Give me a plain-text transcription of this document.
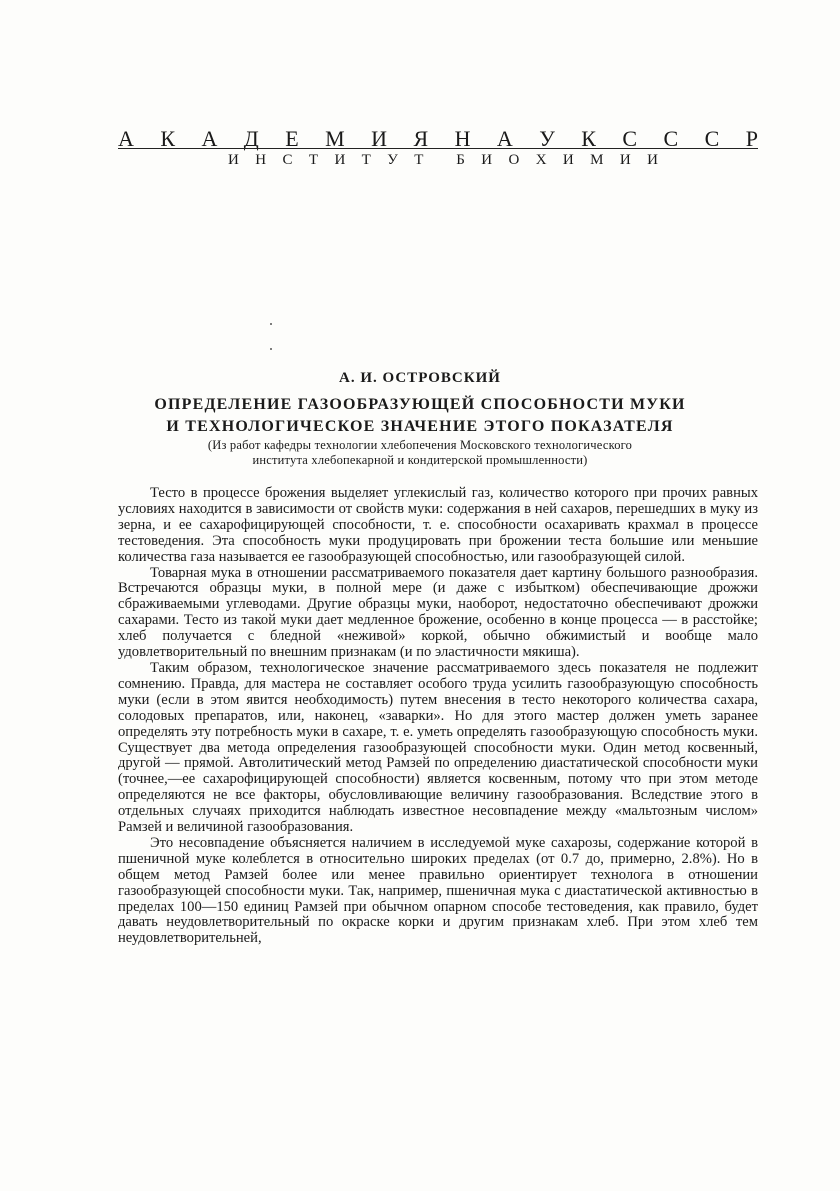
А К А Д Е М И Я Н А У К С С С Р
И Н С Т И Т У Т Б И О Х И М И И
А. И. ОСТРОВСКИЙ
ОПРЕДЕЛЕНИЕ ГАЗООБРАЗУЮЩЕЙ СПОСОБНОСТИ МУКИ
И ТЕХНОЛОГИЧЕСКОЕ ЗНАЧЕНИЕ ЭТОГО ПОКАЗАТЕЛЯ
(Из работ кафедры технологии хлебопечения Московского технологического
института хлебопекарной и кондитерской промышленности)

Тесто в процессе брожения выделяет углекислый газ, количество которого при прочих равных условиях находится в зависимости от свойств муки: содержания в ней сахаров, перешедших в муку из зерна, и ее сахарофицирующей способности, т. е. способности осахаривать крахмал в процессе тестоведения. Эта способность муки продуцировать при брожении теста большие или меньшие количества газа называется ее газообразующей способностью, или газообразующей силой.

Товарная мука в отношении рассматриваемого показателя дает картину большого разнообразия. Встречаются образцы муки, в полной мере (и даже с избытком) обеспечивающие дрожжи сбраживаемыми углеводами. Другие образцы муки, наоборот, недостаточно обеспечивают дрожжи сахарами. Тесто из такой муки дает медленное брожение, особенно в конце процесса — в расстойке; хлеб получается с бледной «неживой» коркой, обычно обжимистый и вообще мало удовлетворительный по внешним признакам (и по эластичности мякиша).

Таким образом, технологическое значение рассматриваемого здесь показателя не подлежит сомнению. Правда, для мастера не составляет особого труда усилить газообразующую способность муки (если в этом явится необходимость) путем внесения в тесто некоторого количества сахара, солодовых препаратов, или, наконец, «заварки». Но для этого мастер должен уметь заранее определять эту потребность муки в сахаре, т. е. уметь определять газообразующую способность муки. Существует два метода определения газообразующей способности муки. Один метод косвенный, другой — прямой. Автолитический метод Рамзей по определению диастатической способности муки (точнее,—ее сахарофицирующей способности) является косвенным, потому что при этом методе определяются не все факторы, обусловливающие величину газообразования. Вследствие этого в отдельных случаях приходится наблюдать известное несовпадение между «мальтозным числом» Рамзей и величиной газообразования.

Это несовпадение объясняется наличием в исследуемой муке сахарозы, содержание которой в пшеничной муке колеблется в относительно широких пределах (от 0.7 до, примерно, 2.8%). Но в общем метод Рамзей более или менее правильно ориентирует технолога в отношении газообразующей способности муки. Так, например, пшеничная мука с диастатической активностью в пределах 100—150 единиц Рамзей при обычном опарном способе тестоведения, как правило, будет давать неудовлетворительный по окраске корки и другим признакам хлеб. При этом хлеб тем неудовлетворительней,
